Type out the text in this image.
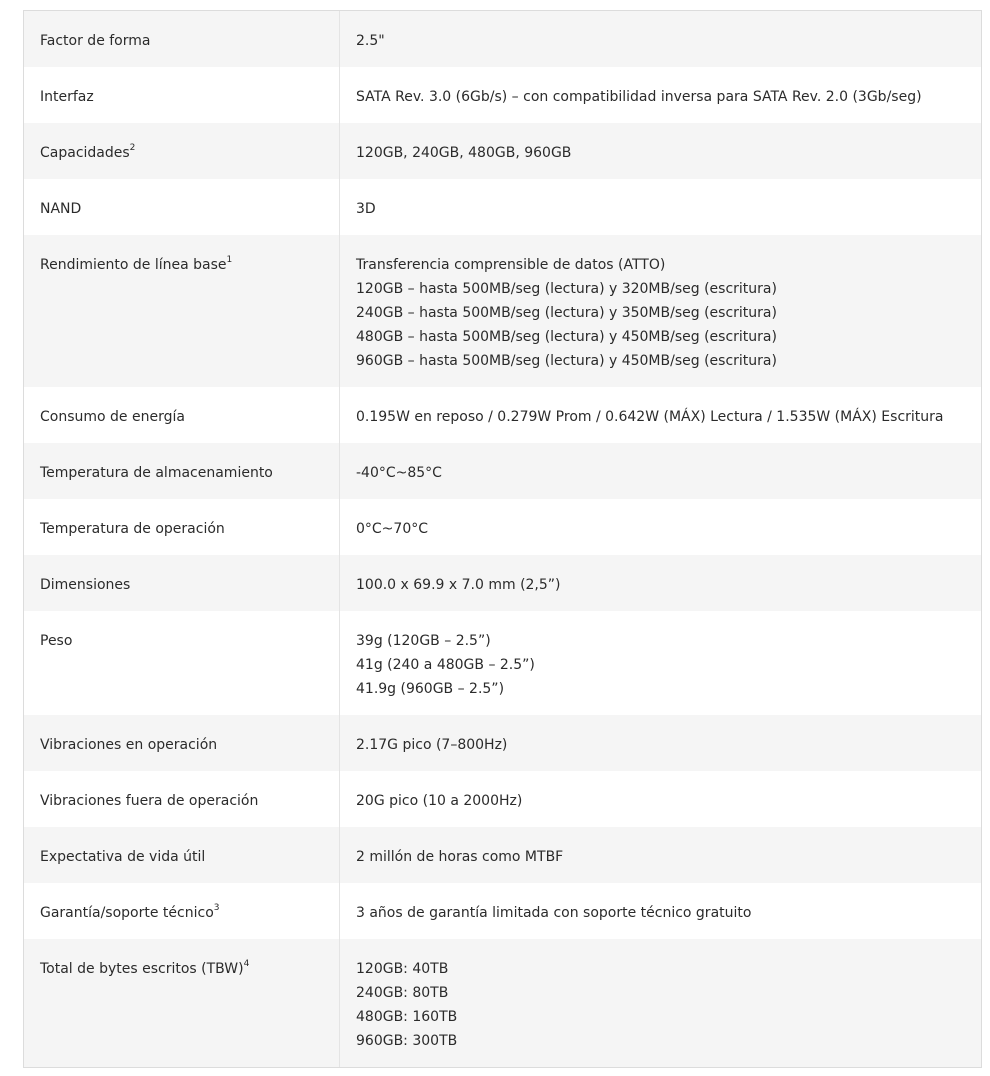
Factor de forma	2.5"
Interfaz	SATA Rev. 3.0 (6Gb/s) – con compatibilidad inversa para SATA Rev. 2.0 (3Gb/seg)
Capacidades$^2$	120GB, 240GB, 480GB, 960GB
NAND	3D
Rendimiento de línea base$^1$	Transferencia comprensible de datos (ATTO)
120GB – hasta 500MB/seg (lectura) y 320MB/seg (escritura)
240GB – hasta 500MB/seg (lectura) y 350MB/seg (escritura)
480GB – hasta 500MB/seg (lectura) y 450MB/seg (escritura)
960GB – hasta 500MB/seg (lectura) y 450MB/seg (escritura)
Consumo de energía	0.195W en reposo / 0.279W Prom / 0.642W (MÁX) Lectura / 1.535W (MÁX) Escritura
Temperatura de almacenamiento	-40°C~85°C
Temperatura de operación	0°C~70°C
Dimensiones	100.0 x 69.9 x 7.0 mm (2,5”)
Peso	39g (120GB – 2.5”)
41g (240 a 480GB – 2.5”)
41.9g (960GB – 2.5”)
Vibraciones en operación	2.17G pico (7–800Hz)
Vibraciones fuera de operación	20G pico (10 a 2000Hz)
Expectativa de vida útil	2 millón de horas como MTBF
Garantía/soporte técnico$^3$	3 años de garantía limitada con soporte técnico gratuito
Total de bytes escritos (TBW)$^4$	120GB: 40TB
240GB: 80TB
480GB: 160TB
960GB: 300TB
